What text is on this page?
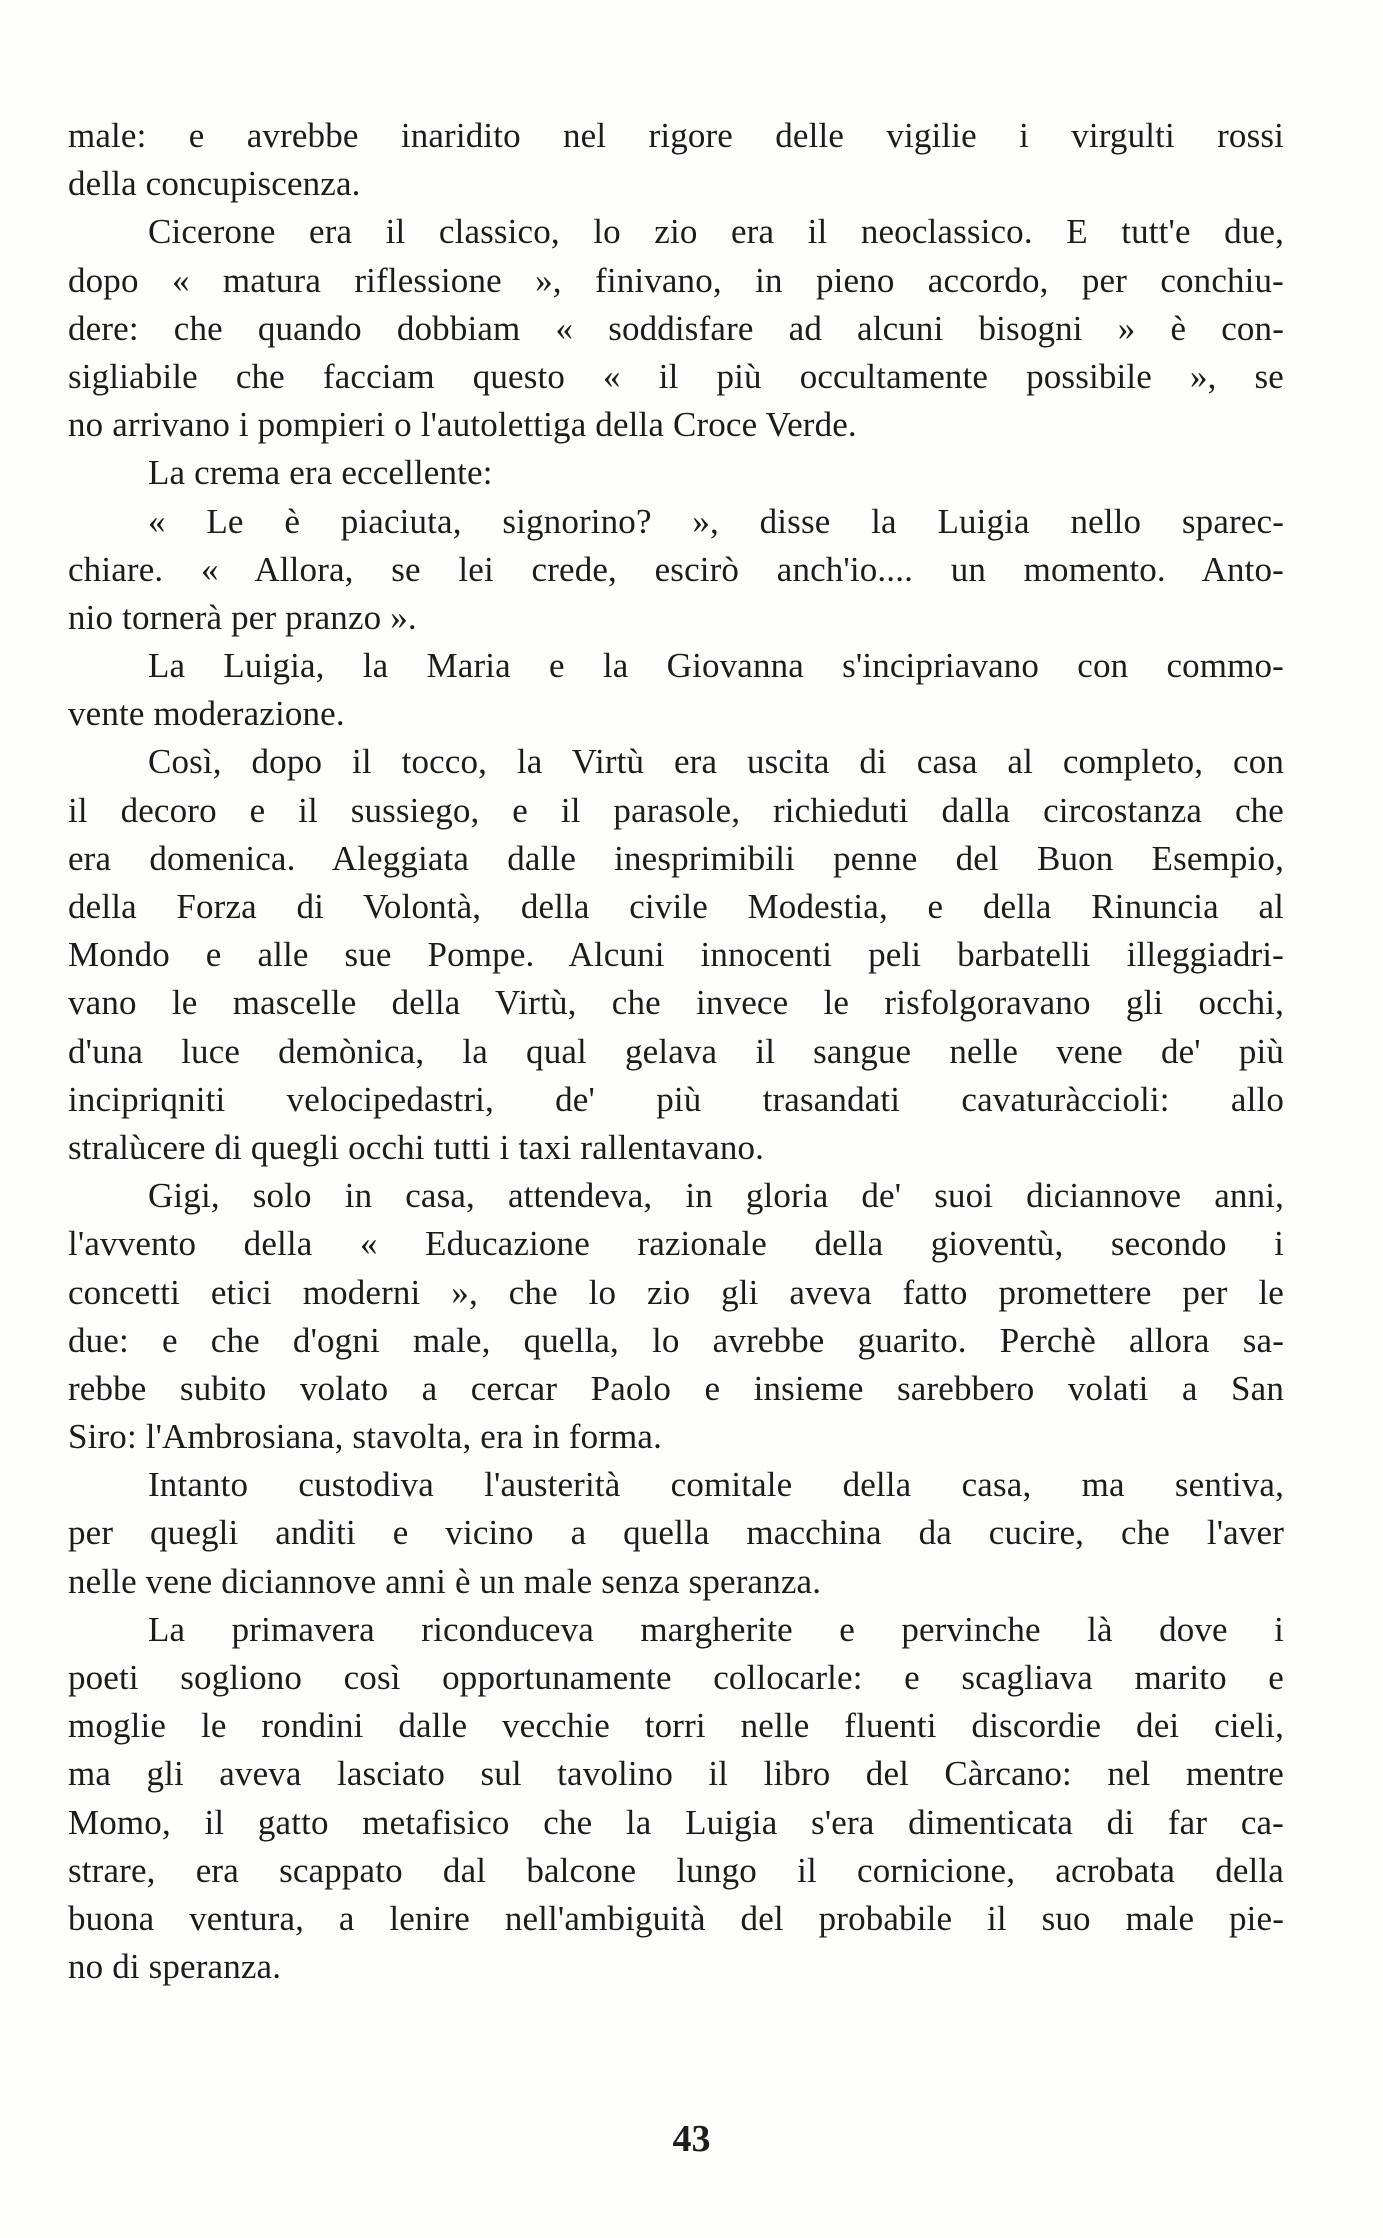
male: e avrebbe inaridito nel rigore delle vigilie i virgulti rossi
della concupiscenza.
Cicerone era il classico, lo zio era il neoclassico. E tutt'e due,
dopo « matura riflessione », finivano, in pieno accordo, per conchiu-
dere: che quando dobbiam « soddisfare ad alcuni bisogni » è con-
sigliabile che facciam questo « il più occultamente possibile », se
no arrivano i pompieri o l'autolettiga della Croce Verde.
La crema era eccellente:
« Le è piaciuta, signorino? », disse la Luigia nello sparec-
chiare. « Allora, se lei crede, escirò anch'io.... un momento. Anto-
nio tornerà per pranzo ».
La Luigia, la Maria e la Giovanna s'incipriavano con commo-
vente moderazione.
Così, dopo il tocco, la Virtù era uscita di casa al completo, con
il decoro e il sussiego, e il parasole, richieduti dalla circostanza che
era domenica. Aleggiata dalle inesprimibili penne del Buon Esempio,
della Forza di Volontà, della civile Modestia, e della Rinuncia al
Mondo e alle sue Pompe. Alcuni innocenti peli barbatelli illeggiadri-
vano le mascelle della Virtù, che invece le risfolgoravano gli occhi,
d'una luce demònica, la qual gelava il sangue nelle vene de' più
incipriqniti velocipedastri, de' più trasandati cavaturàccioli: allo
stralùcere di quegli occhi tutti i taxi rallentavano.
Gigi, solo in casa, attendeva, in gloria de' suoi diciannove anni,
l'avvento della « Educazione razionale della gioventù, secondo i
concetti etici moderni », che lo zio gli aveva fatto promettere per le
due: e che d'ogni male, quella, lo avrebbe guarito. Perchè allora sa-
rebbe subito volato a cercar Paolo e insieme sarebbero volati a San
Siro: l'Ambrosiana, stavolta, era in forma.
Intanto custodiva l'austerità comitale della casa, ma sentiva,
per quegli anditi e vicino a quella macchina da cucire, che l'aver
nelle vene diciannove anni è un male senza speranza.
La primavera riconduceva margherite e pervinche là dove i
poeti sogliono così opportunamente collocarle: e scagliava marito e
moglie le rondini dalle vecchie torri nelle fluenti discordie dei cieli,
ma gli aveva lasciato sul tavolino il libro del Càrcano: nel mentre
Momo, il gatto metafisico che la Luigia s'era dimenticata di far ca-
strare, era scappato dal balcone lungo il cornicione, acrobata della
buona ventura, a lenire nell'ambiguità del probabile il suo male pie-
no di speranza.
43
